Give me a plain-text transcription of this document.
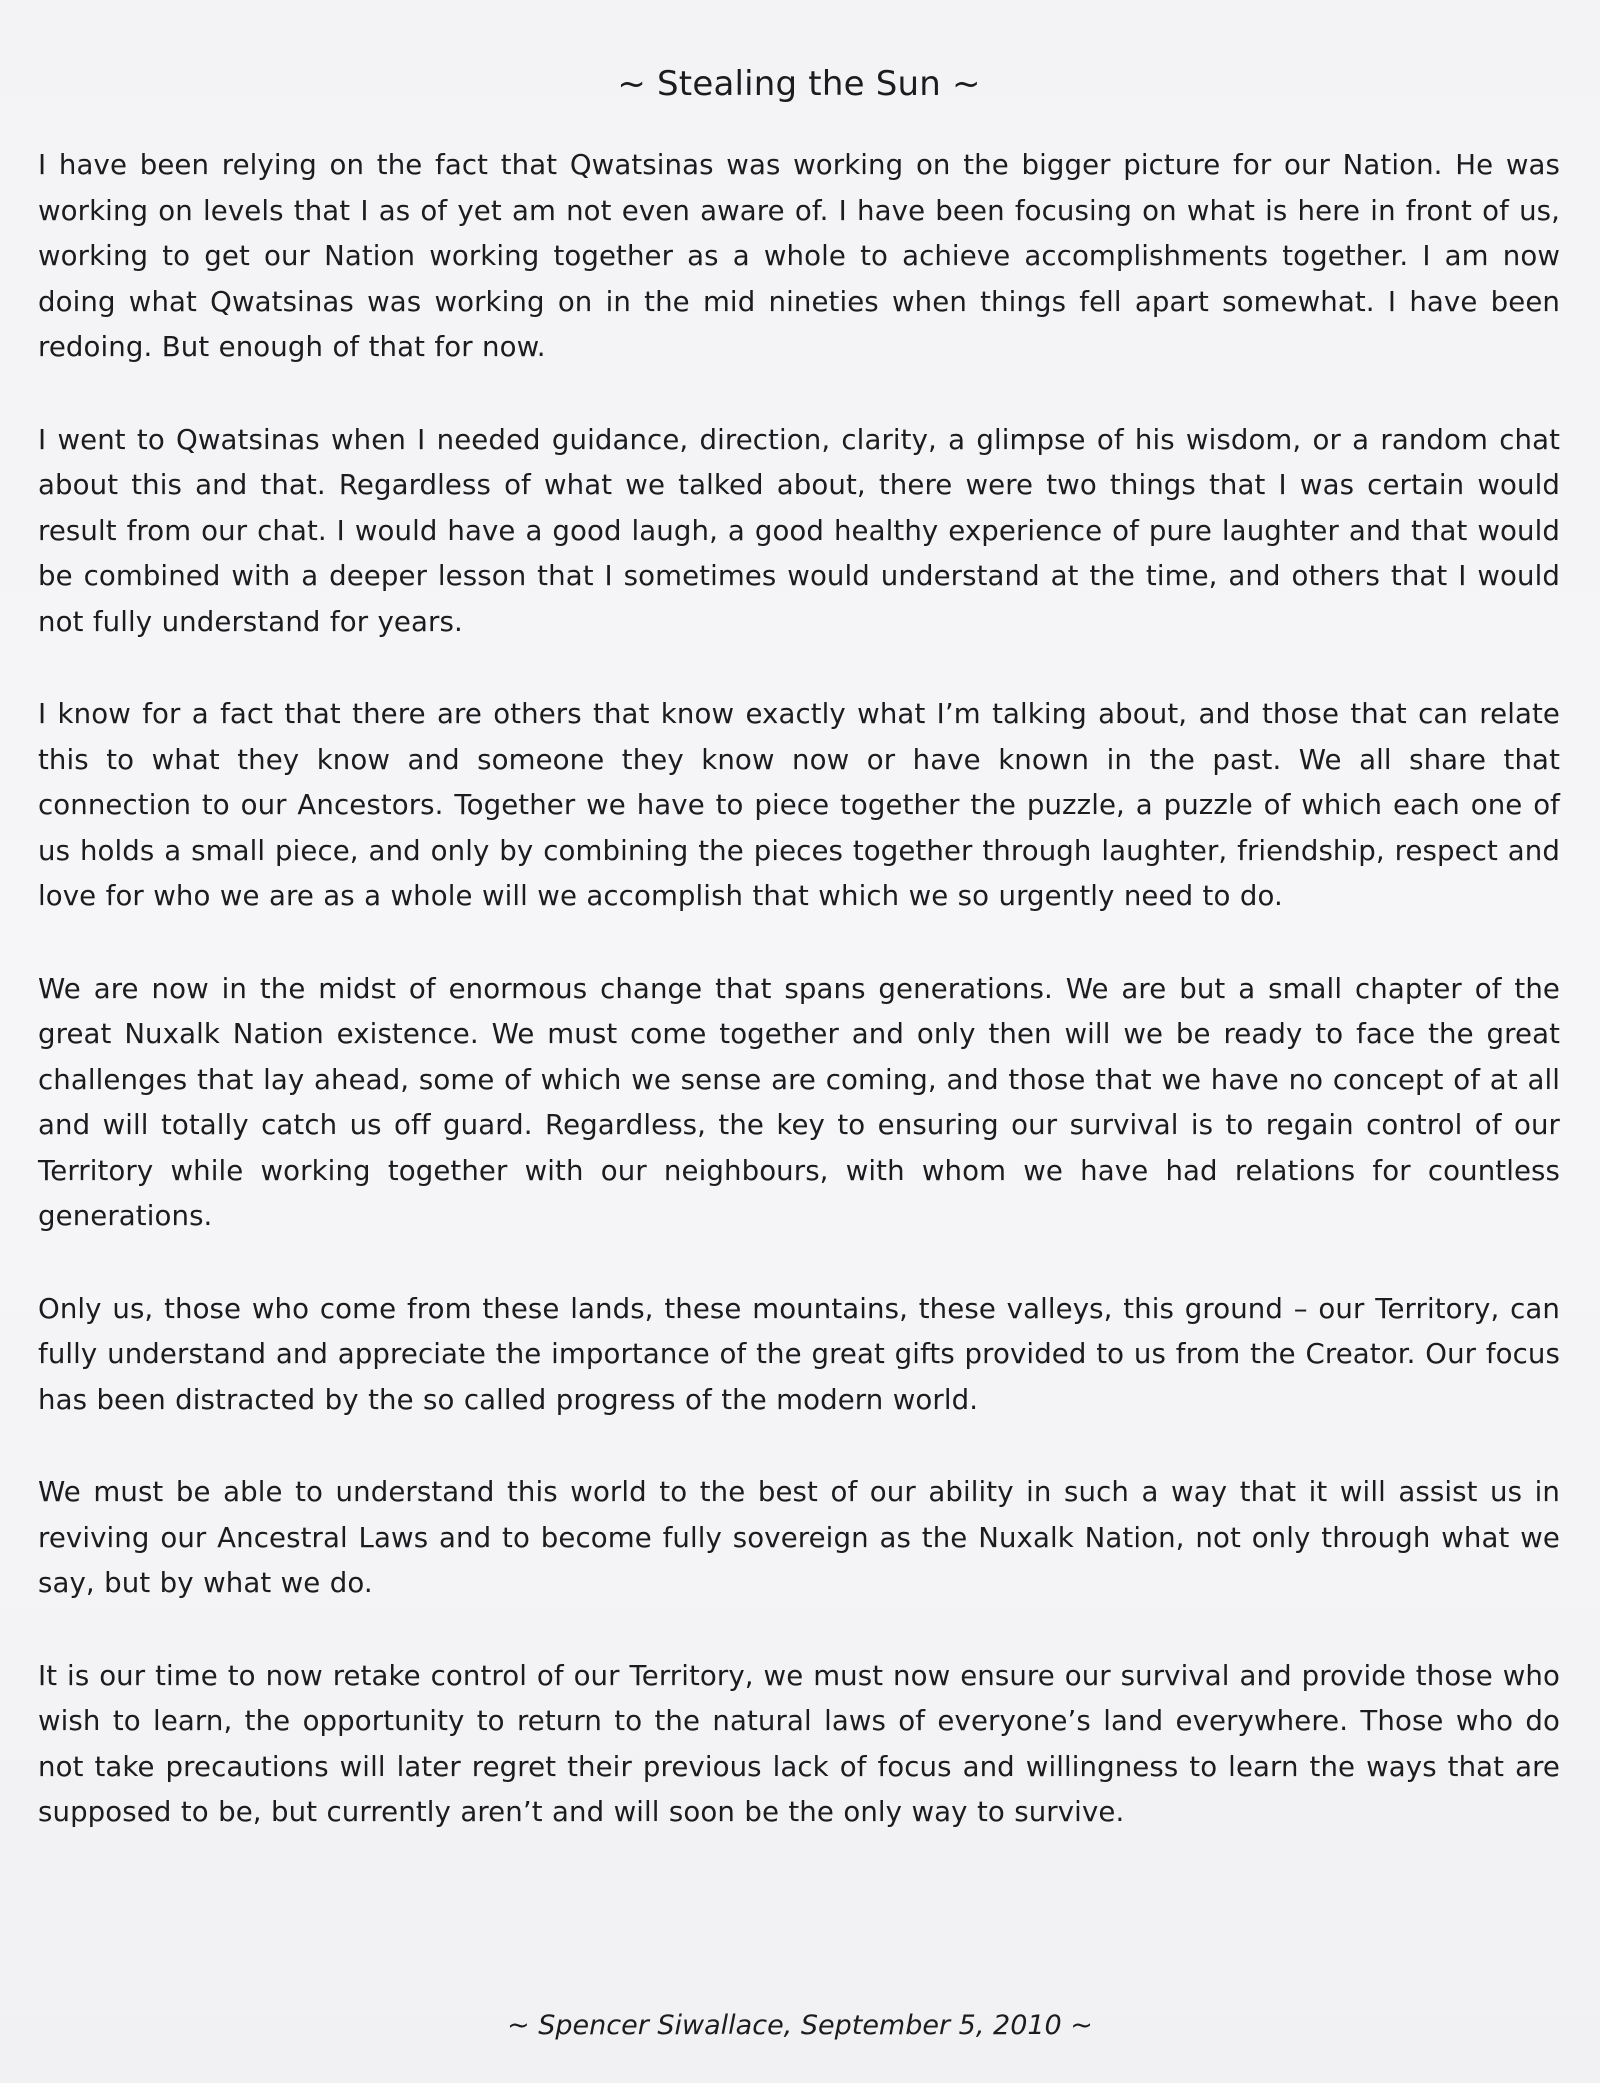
~ Stealing the Sun ~

I have been relying on the fact that Qwatsinas was working on the bigger picture for our Nation. He was working on levels that I as of yet am not even aware of. I have been focusing on what is here in front of us, working to get our Nation working together as a whole to achieve accomplishments together. I am now doing what Qwatsinas was working on in the mid nineties when things fell apart somewhat. I have been redoing. But enough of that for now.

I went to Qwatsinas when I needed guidance, direction, clarity, a glimpse of his wisdom, or a random chat about this and that. Regardless of what we talked about, there were two things that I was certain would result from our chat. I would have a good laugh, a good healthy experience of pure laughter and that would be combined with a deeper lesson that I sometimes would understand at the time, and others that I would not fully understand for years.

I know for a fact that there are others that know exactly what I’m talking about, and those that can relate this to what they know and someone they know now or have known in the past. We all share that connection to our Ancestors. Together we have to piece together the puzzle, a puzzle of which each one of us holds a small piece, and only by combining the pieces together through laughter, friendship, respect and love for who we are as a whole will we accomplish that which we so urgently need to do.

We are now in the midst of enormous change that spans generations. We are but a small chapter of the great Nuxalk Nation existence. We must come together and only then will we be ready to face the great challenges that lay ahead, some of which we sense are coming, and those that we have no concept of at all and will totally catch us off guard. Regardless, the key to ensuring our survival is to regain control of our Territory while working together with our neighbours, with whom we have had relations for countless generations.

Only us, those who come from these lands, these mountains, these valleys, this ground – our Territory, can fully understand and appreciate the importance of the great gifts provided to us from the Creator. Our focus has been distracted by the so called progress of the modern world.

We must be able to understand this world to the best of our ability in such a way that it will assist us in reviving our Ancestral Laws and to become fully sovereign as the Nuxalk Nation, not only through what we say, but by what we do.

It is our time to now retake control of our Territory, we must now ensure our survival and provide those who wish to learn, the opportunity to return to the natural laws of everyone’s land everywhere. Those who do not take precautions will later regret their previous lack of focus and willingness to learn the ways that are supposed to be, but currently aren’t and will soon be the only way to survive.

~ Spencer Siwallace, September 5, 2010 ~
